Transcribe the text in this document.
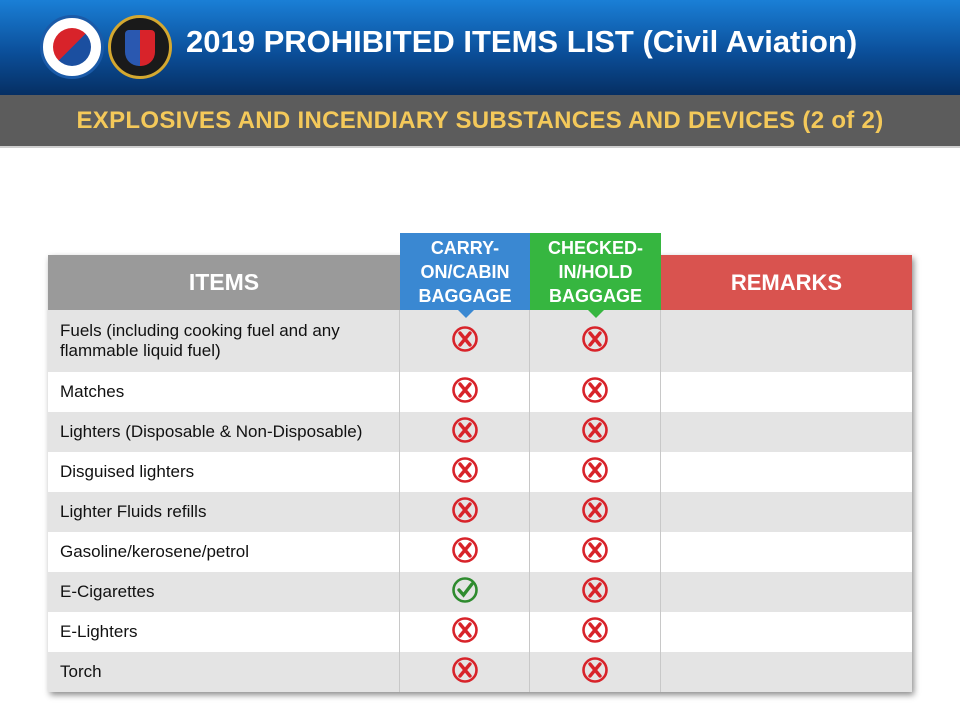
2019 PROHIBITED ITEMS LIST (Civil Aviation)
EXPLOSIVES AND INCENDIARY SUBSTANCES AND DEVICES (2 of 2)
Fuels (including cooking fuel and any flammable liquid fuel)
Matches
Lighters (Disposable & Non-Disposable)
Disguised lighters
Lighter Fluids refills
Gasoline/kerosene/petrol
E-Cigarettes
E-Lighters
Torch
ITEMS
CARRY-
ON/CABIN
BAGGAGE
CHECKED-
IN/HOLD
BAGGAGE
REMARKS
